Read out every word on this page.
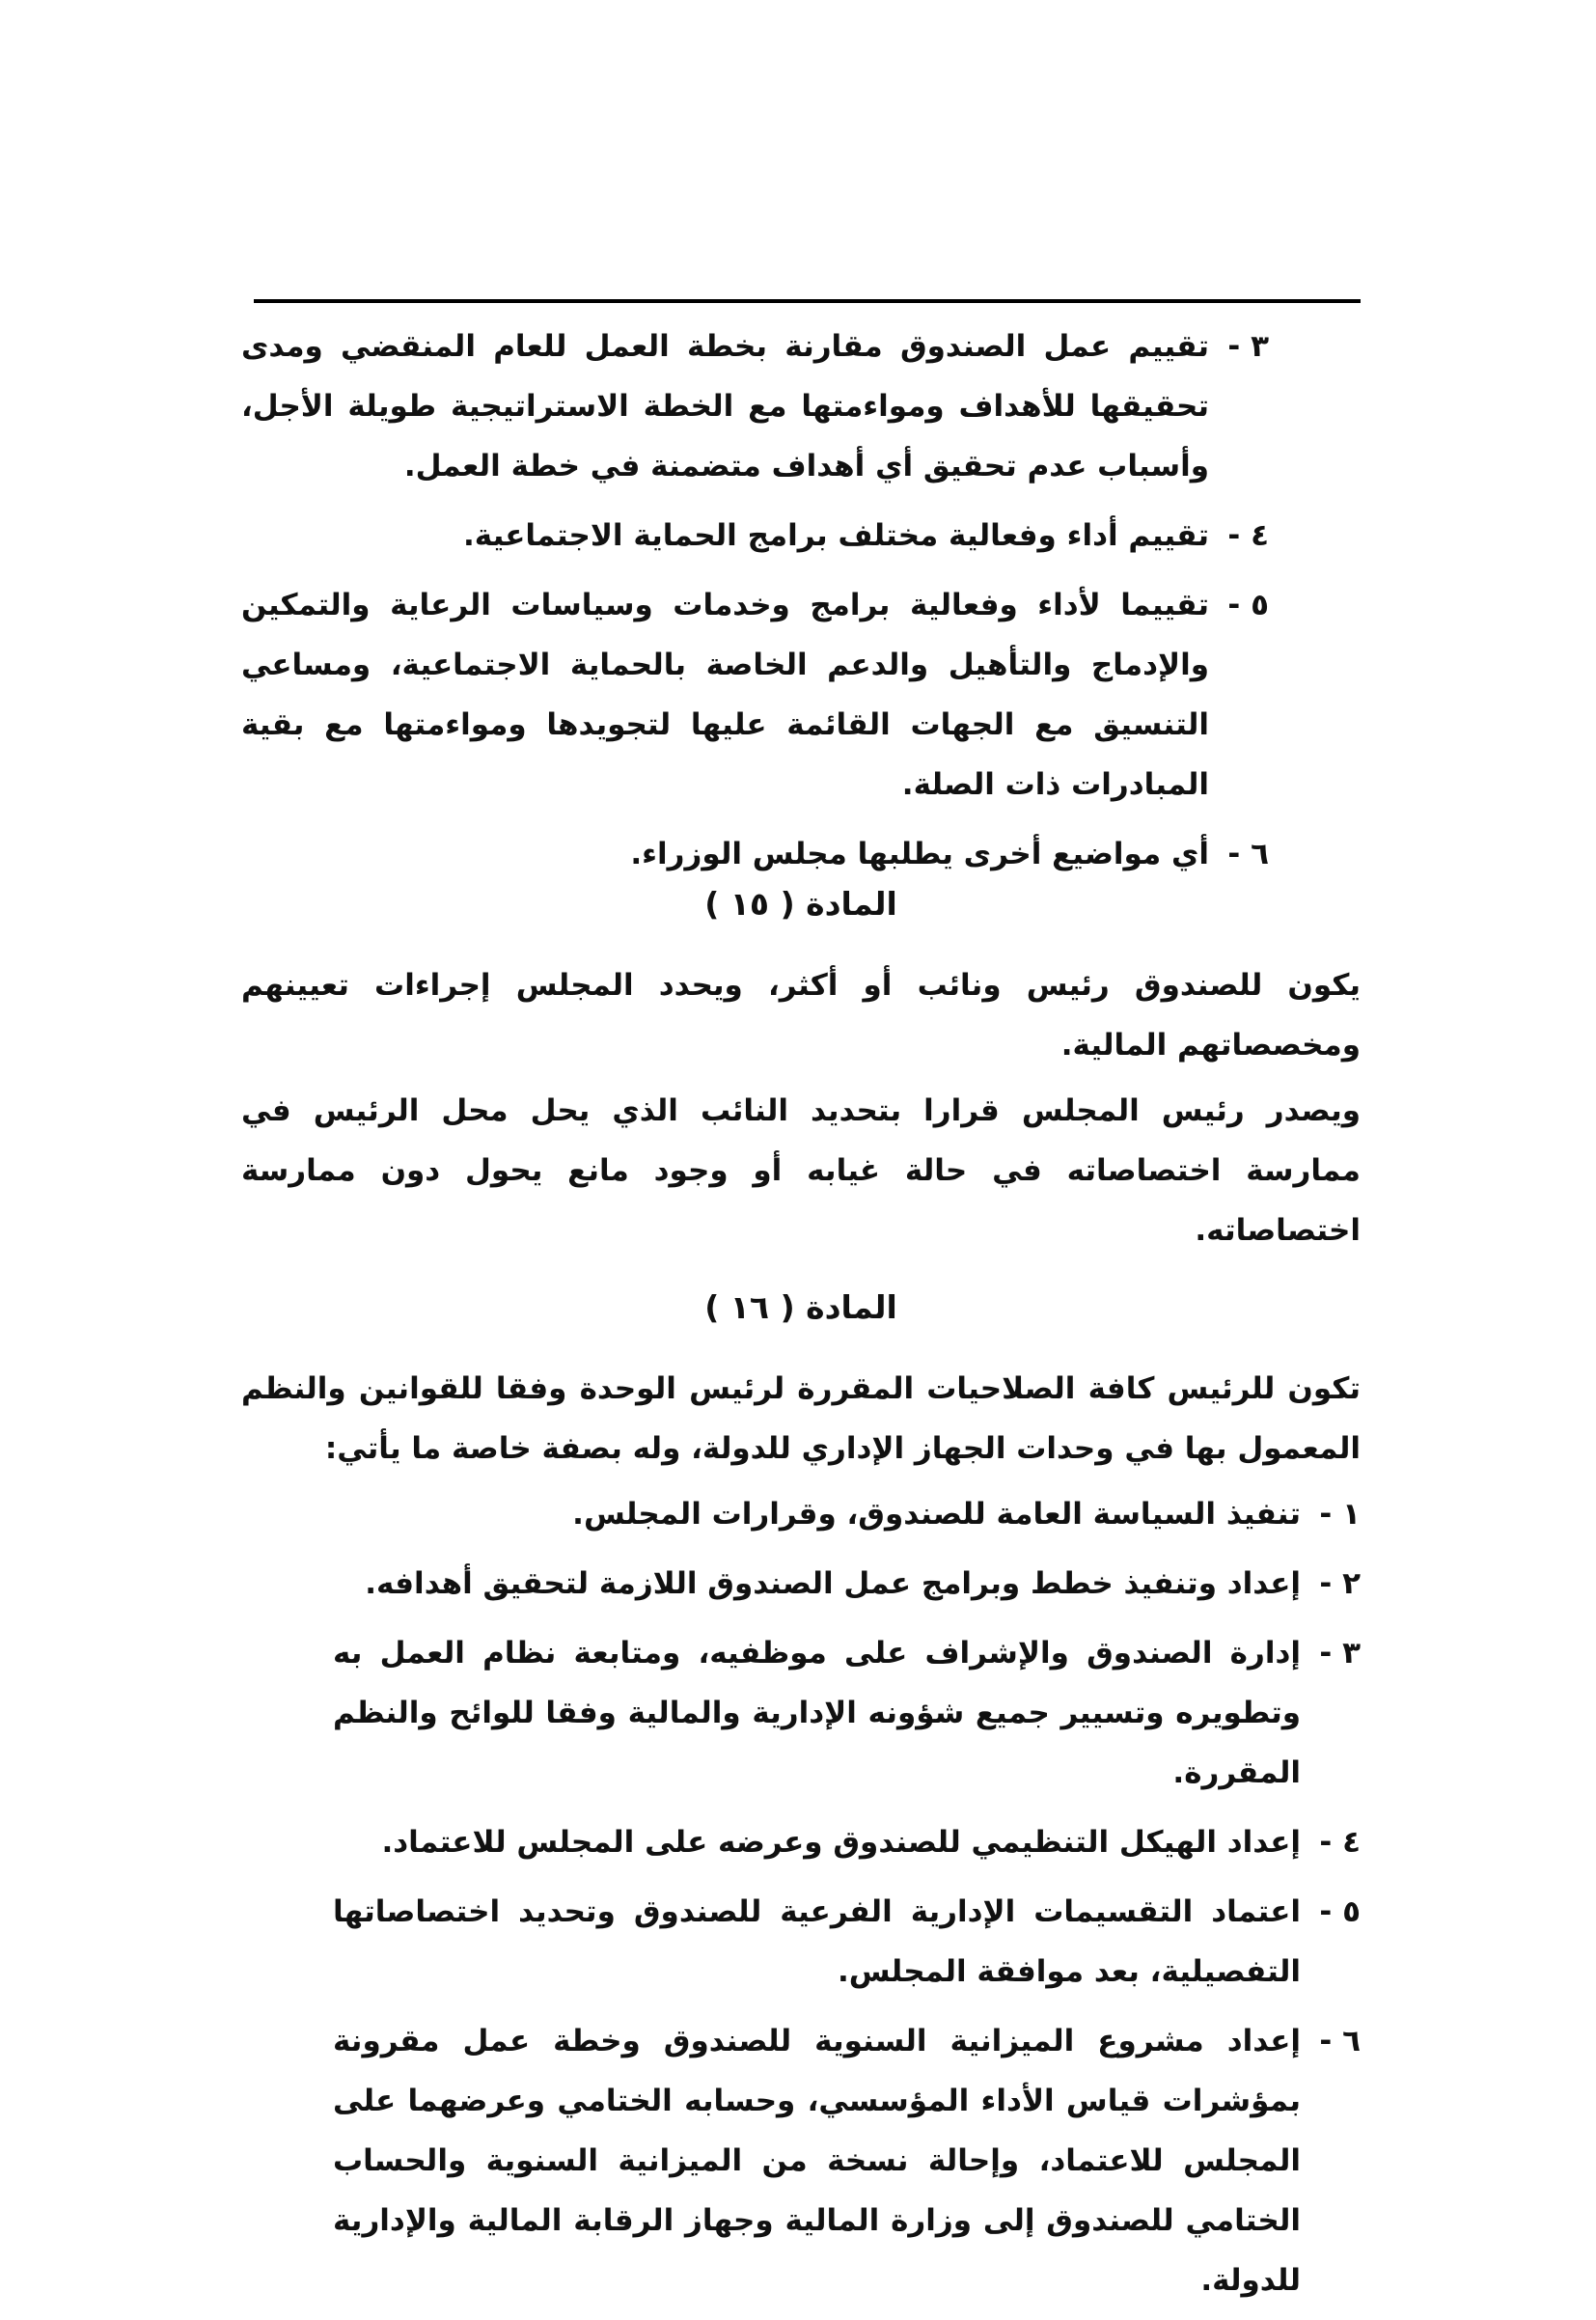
٣ -
تقييم عمل الصندوق مقارنة بخطة العمل للعام المنقضي ومدى تحقيقها للأهداف ومواءمتها مع الخطة الاستراتيجية طويلة الأجل، وأسباب عدم تحقيق أي أهداف متضمنة في خطة العمل.
٤ -
تقييم أداء وفعالية مختلف برامج الحماية الاجتماعية.
٥ -
تقييما لأداء وفعالية برامج وخدمات وسياسات الرعاية والتمكين والإدماج والتأهيل والدعم الخاصة بالحماية الاجتماعية، ومساعي التنسيق مع الجهات القائمة عليها لتجويدها ومواءمتها مع بقية المبادرات ذات الصلة.
٦ -
أي مواضيع أخرى يطلبها مجلس الوزراء.
المادة ( ١٥ )
يكون للصندوق رئيس ونائب أو أكثر، ويحدد المجلس إجراءات تعيينهم ومخصصاتهم المالية.
ويصدر رئيس المجلس قرارا بتحديد النائب الذي يحل محل الرئيس في ممارسة اختصاصاته في حالة غيابه أو وجود مانع يحول دون ممارسة اختصاصاته.
المادة ( ١٦ )
تكون للرئيس كافة الصلاحيات المقررة لرئيس الوحدة وفقا للقوانين والنظم المعمول بها في وحدات الجهاز الإداري للدولة، وله بصفة خاصة ما يأتي:
١ -
تنفيذ السياسة العامة للصندوق، وقرارات المجلس.
٢ -
إعداد وتنفيذ خطط وبرامج عمل الصندوق اللازمة لتحقيق أهدافه.
٣ -
إدارة الصندوق والإشراف على موظفيه، ومتابعة نظام العمل به وتطويره وتسيير جميع شؤونه الإدارية والمالية وفقا للوائح والنظم المقررة.
٤ -
إعداد الهيكل التنظيمي للصندوق وعرضه على المجلس للاعتماد.
٥ -
اعتماد التقسيمات الإدارية الفرعية للصندوق وتحديد اختصاصاتها التفصيلية، بعد موافقة المجلس.
٦ -
إعداد مشروع الميزانية السنوية للصندوق وخطة عمل مقرونة بمؤشرات قياس الأداء المؤسسي، وحسابه الختامي وعرضهما على المجلس للاعتماد، وإحالة نسخة من الميزانية السنوية والحساب الختامي للصندوق إلى وزارة المالية وجهاز الرقابة المالية والإدارية للدولة.
